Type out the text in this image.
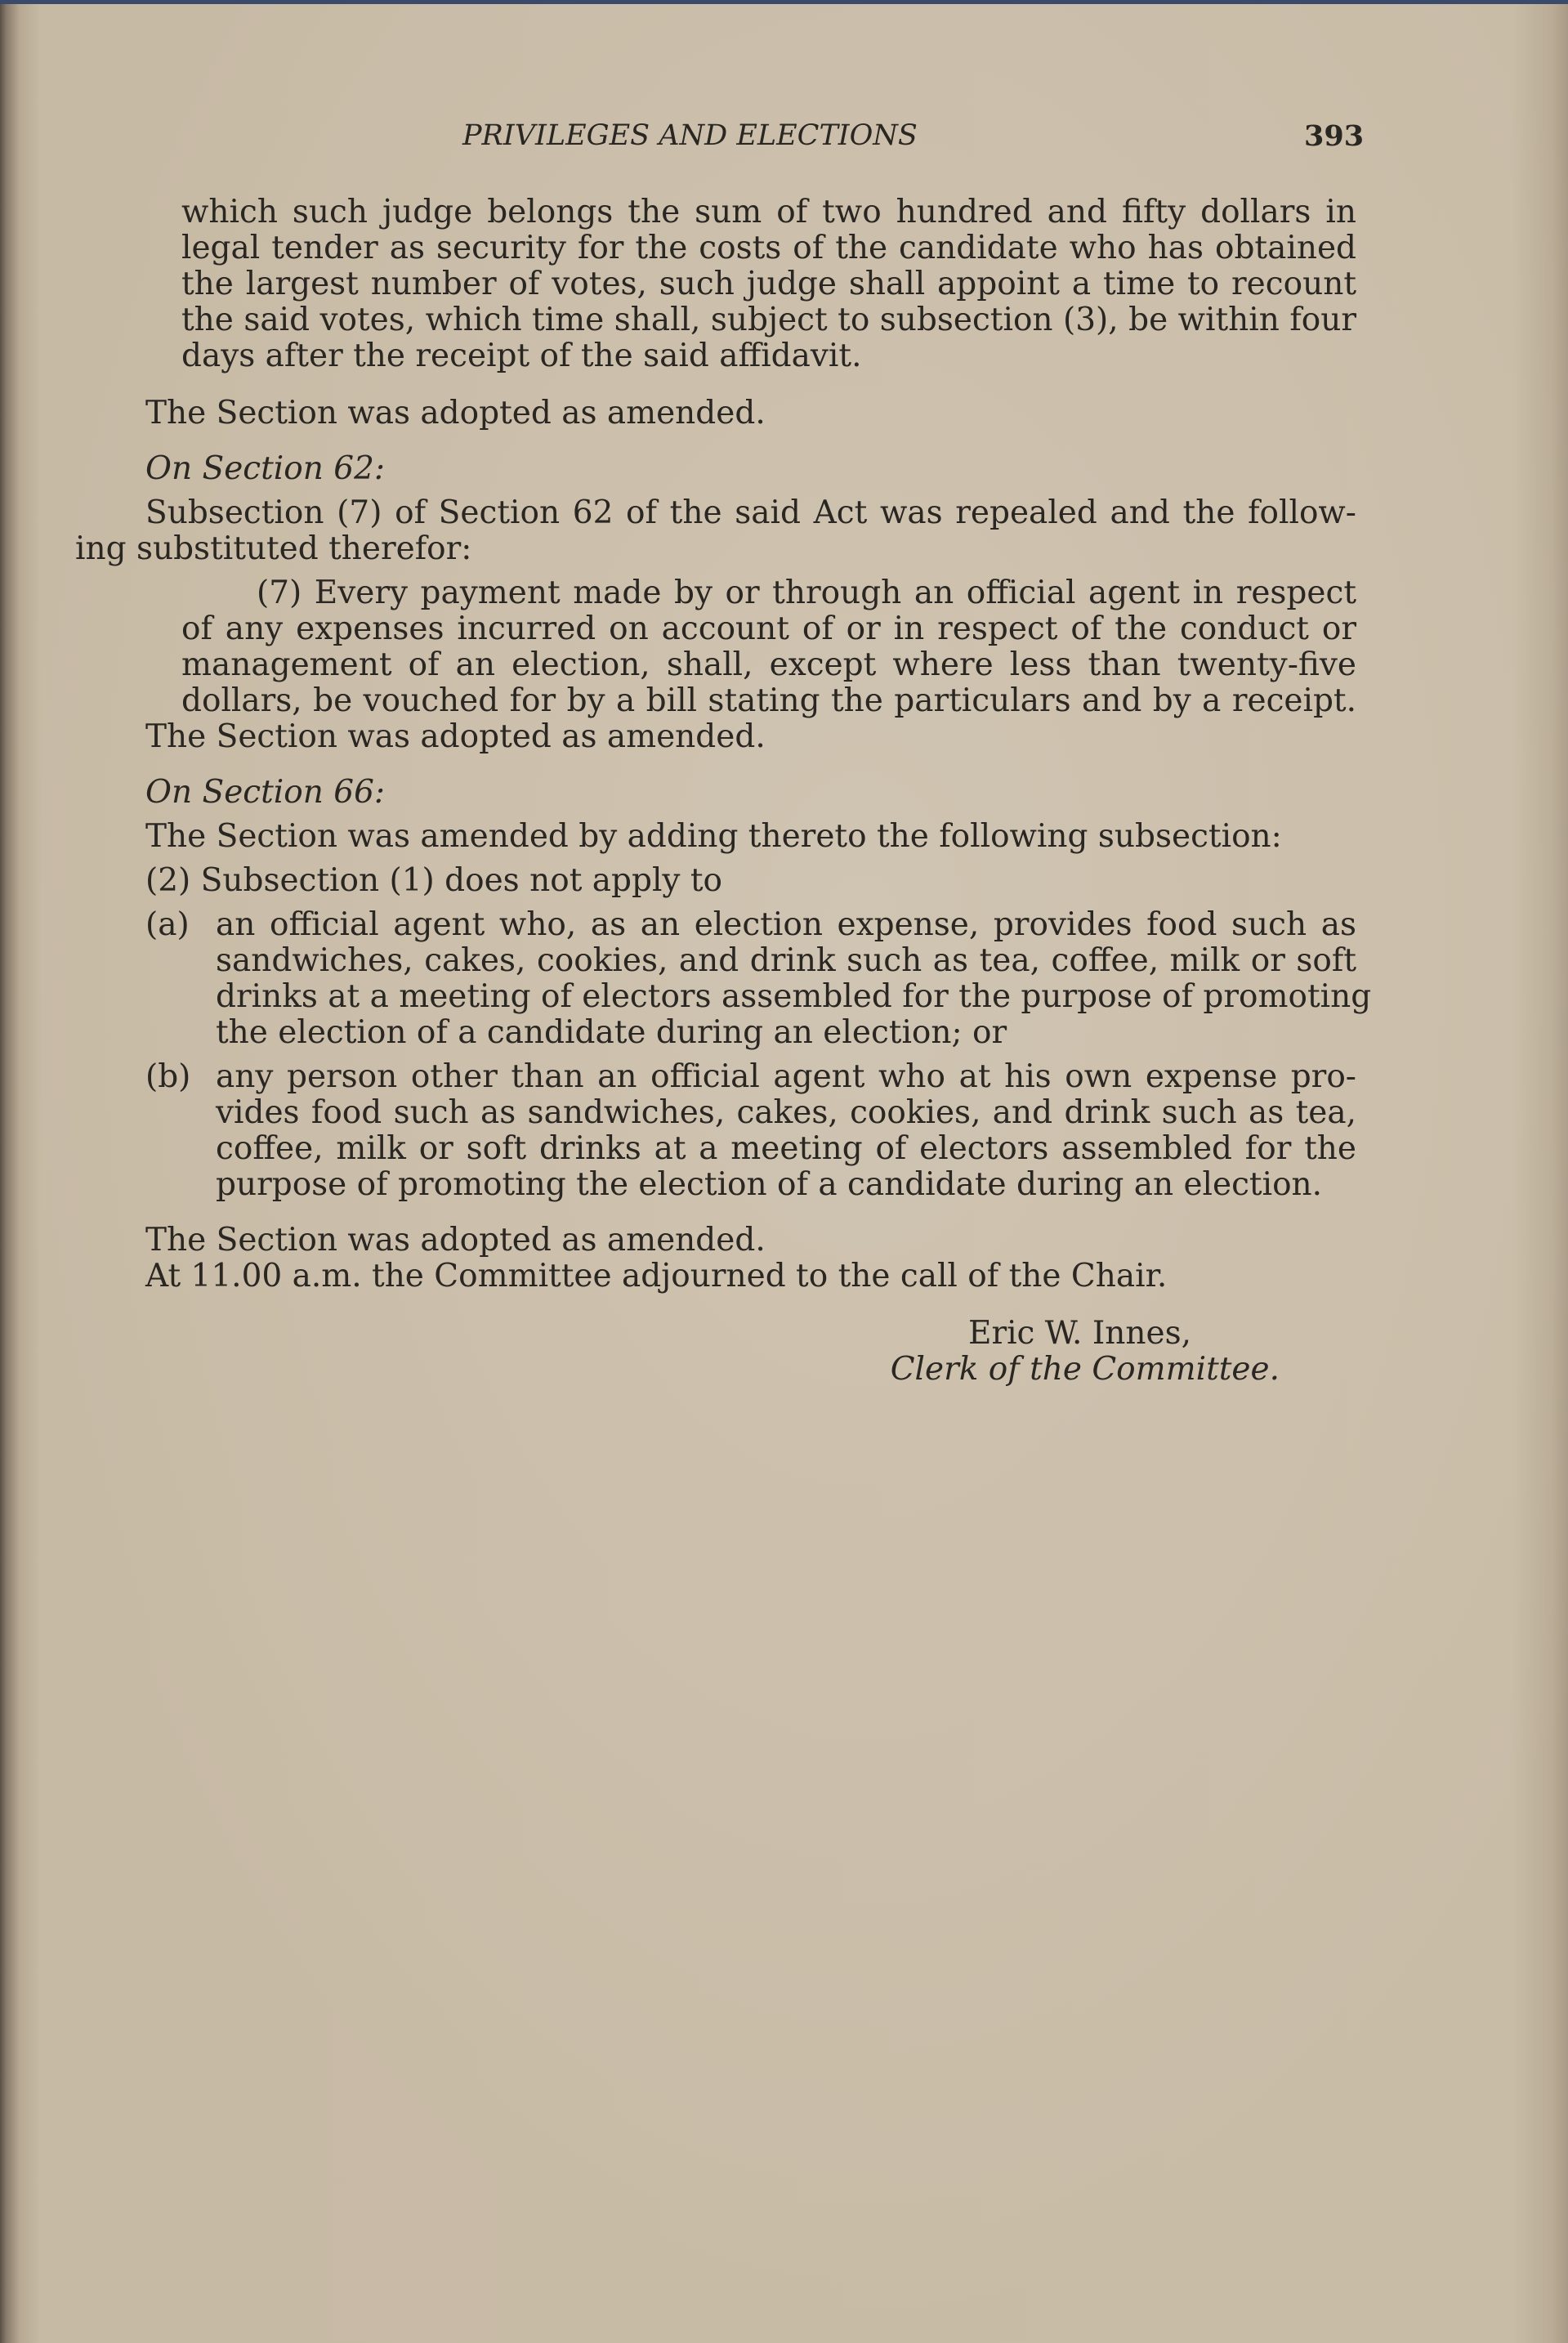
PRIVILEGES AND ELECTIONS	393
which such judge belongs the sum of two hundred and fifty dollars in
legal tender as security for the costs of the candidate who has obtained
the largest number of votes, such judge shall appoint a time to recount
the said votes, which time shall, subject to subsection (3), be within four
days after the receipt of the said affidavit.
The Section was adopted as amended.
On Section 62:
Subsection (7) of Section 62 of the said Act was repealed and the follow-
ing substituted therefor:
(7) Every payment made by or through an official agent in respect
of any expenses incurred on account of or in respect of the conduct or
management of an election, shall, except where less than twenty-five
dollars, be vouched for by a bill stating the particulars and by a receipt.
The Section was adopted as amended.
On Section 66:
The Section was amended by adding thereto the following subsection:
(2) Subsection (1) does not apply to
(a) an official agent who, as an election expense, provides food such as
sandwiches, cakes, cookies, and drink such as tea, coffee, milk or soft
drinks at a meeting of electors assembled for the purpose of promoting
the election of a candidate during an election; or
(b) any person other than an official agent who at his own expense pro-
vides food such as sandwiches, cakes, cookies, and drink such as tea,
coffee, milk or soft drinks at a meeting of electors assembled for the
purpose of promoting the election of a candidate during an election.
The Section was adopted as amended.
At 11.00 a.m. the Committee adjourned to the call of the Chair.
Eric W. Innes,
Clerk of the Committee.
